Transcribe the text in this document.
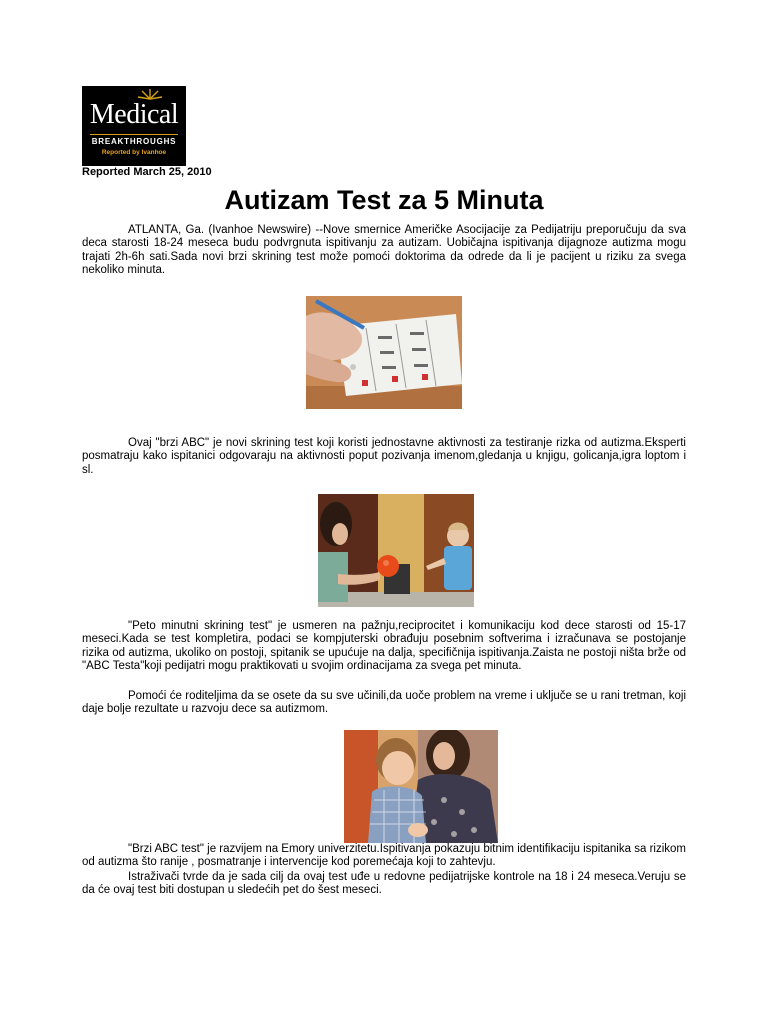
Medical
BREAKTHROUGHS
Reported by Ivanhoe
Reported March 25, 2010
Autizam Test za 5 Minuta

ATLANTA, Ga. (Ivanhoe Newswire) --Nove smernice Američke Asocijacije za Pedijatriju preporučuju da sva deca starosti 18-24 meseca budu podvrgnuta ispitivanju za autizam. Uobičajna ispitivanja dijagnoze autizma mogu trajati 2h-6h sati.Sada novi brzi skrining test može pomoći doktorima da odrede da li je pacijent u riziku za svega nekoliko minuta.

Ovaj "brzi ABC" je novi skrining test koji koristi jednostavne aktivnosti za testiranje rizka od autizma.Eksperti posmatraju kako ispitanici odgovaraju na aktivnosti poput pozivanja imenom,gledanja u knjigu, golicanja,igra loptom i sl.

"Peto minutni skrining test" je usmeren na pažnju,reciprocitet i komunikaciju kod dece starosti od 15-17 meseci.Kada se test kompletira, podaci se kompjuterski obrađuju posebnim softverima i izračunava se postojanje rizika od autizma, ukoliko on postoji, spitanik se upućuje na dalja, specifičnija ispitivanja.Zaista ne postoji ništa brže od "ABC Testa"koji pedijatri mogu praktikovati u svojim ordinacijama za svega pet minuta.

Pomoći će roditeljima da se osete da su sve učinili,da uoče problem na vreme i uključe se u rani tretman, koji daje bolje rezultate u razvoju dece sa autizmom.

"Brzi ABC test" je razvijem na Emory univerzitetu.Ispitivanja pokazuju bitnim identifikaciju ispitanika sa rizikom od autizma što ranije , posmatranje i intervencije kod poremećaja koji to zahtevju.

Istraživači tvrde da je sada cilj da ovaj test uđe u redovne pedijatrijske kontrole na 18 i 24 meseca.Veruju se da će ovaj test biti dostupan u sledećih pet do šest meseci.
